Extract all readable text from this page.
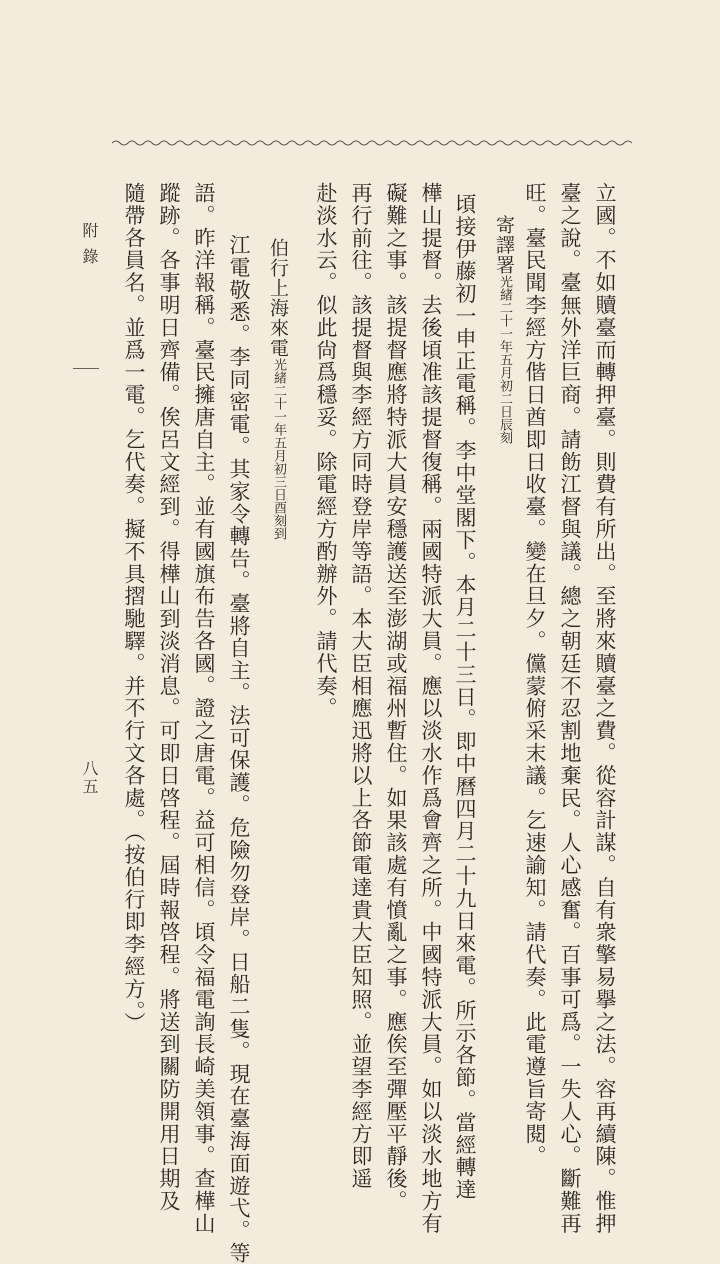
立國。不如贖臺而轉押臺。則費有所出。至將來贖臺之費。從容計謀。自有衆擎易擧之法。容再續陳。惟押
臺之說。臺無外洋巨商。請飭江督與議。總之朝廷不忍割地棄民。人心感奮。百事可爲。一失人心。斷難再
旺。臺民聞李經方偕日酋即日收臺。變在旦夕。儻蒙俯采末議。乞速諭知。請代奏。此電遵旨寄閱。
寄譯署光緒二十一年五月初二日辰刻
頃接伊藤初一申正電稱。李中堂閣下。本月二十三日。即中曆四月二十九日來電。所示各節。當經轉達
樺山提督。去後頃准該提督復稱。兩國特派大員。應以淡水作爲會齊之所。中國特派大員。如以淡水地方有
礙難之事。該提督應將特派大員安穩護送至澎湖或福州暫住。如果該處有憤亂之事。應俟至彈壓平靜後。
再行前往。該提督與李經方同時登岸等語。本大臣相應迅將以上各節電達貴大臣知照。並望李經方即遥
赴淡水云。似此尙爲穩妥。除電經方酌辦外。請代奏。
伯行上海來電光緒二十一年五月初三日酉刻到
江電敬悉。李同密電。其家令轉告。臺將自主。法可保護。危險勿登岸。日船二隻。現在臺海面遊弋。等
語。昨洋報稱。臺民擁唐自主。並有國旗布告各國。證之唐電。益可相信。頃令福電詢長崎美領事。查樺山
蹤跡。各事明日齊備。俟呂文經到。得樺山到淡消息。可即日啓程。屆時報啓程。將送到關防開用日期及
隨帶各員名。並爲一電。乞代奏。擬不具摺馳驛。并不行文各處。（按伯行即李經方。）
附錄
八五
